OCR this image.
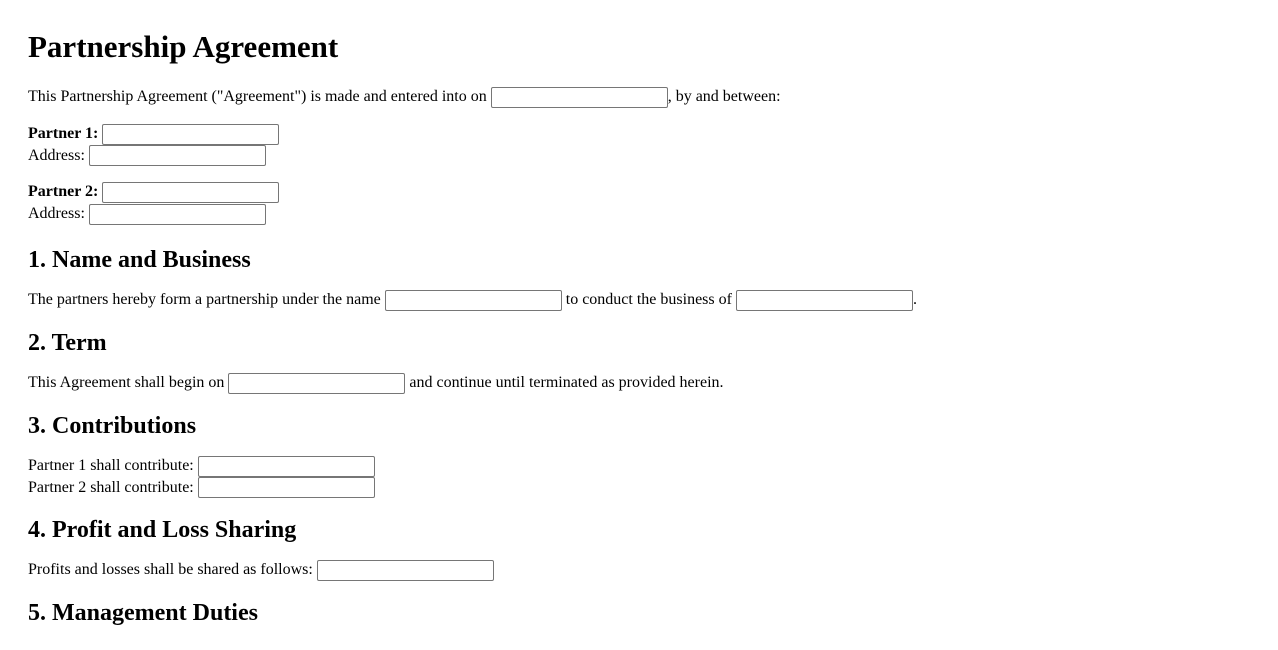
Partnership Agreement

This Partnership Agreement ("Agreement") is made and entered into on	, by and between:

Partner 1:
Address:
Partner 2:
Address:
1. Name and Business

The partners hereby form a partnership under the name	to conduct the business of	.

2. Term

This Agreement shall begin on	and continue until terminated as provided herein.

3. Contributions
Partner 1 shall contribute:
Partner 2 shall contribute:
4. Profit and Loss Sharing

Profits and losses shall be shared as follows:

5. Management Duties
